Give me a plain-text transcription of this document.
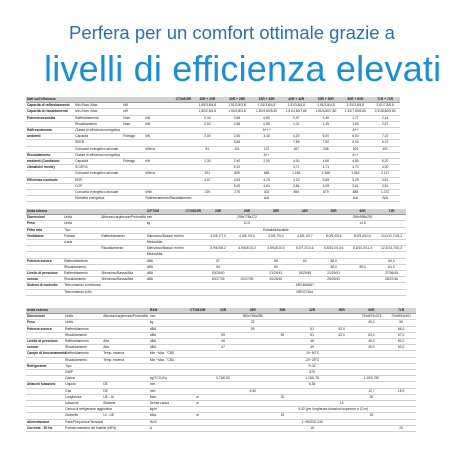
Perfera per un comfort ottimale grazie a
livelli di efficienza elevati
Dati sull'efficienza					CTXM15R	20R + 20R	20R + 25R	33R + 33R	42R + 42R	50R + 50R	60R + 60R	71R + 71R
Capacità di raffreddamento	Min./Nom./Max.	kW				1,89/3,8/4,8	1,91/2,5/3,8	1,91/3,8/4,8	1,91/3,8/4,8	1,91/3,8/4,8	1,91/3,8/4,8	2,61/7,8/8,8
Capacità di riscaldamento	Min./Nom./Max.	kW				1,50/2,8/4,8	1,50/2,8/4,8	1,50/4,80/5,80	1,51/4,80/7,80	1,51/6,80/7,80	1,51/7,80/8,80	2,31/8,80/9,80
Potenza assorbita	Raffreddamento	Nom.	kW			0,44	0,56	0,80	0,97	1,36	1,77	2,14
	Riscaldamento	Nom.	kW			0,50	0,56	0,80	1,01	1,45	1,94	2,57
Raffrescamento	Classe di efficienza energetica							A+++			A++	
ambienti	Capacità	Pdesign	kW			2,00	2,50	3,40	4,20	5,00	6,00	7,10
	SEER						8,65		7,89	7,50	6,93	6,70
	Consumo energetico annuale		kWh/a			81	101	137	187	236	304	401
Riscaldamento	Classe di efficienza energetica							A++			A++	
ambienti (Condizioni	Capacità	Pdesign	kW			2,30	2,40	2,50	4,00	4,60	4,80	6,20
climatiche medie)	SCOP/A						5,10		4,71	4,71	4,70	4,20
	Consumo energetico annuale		kWh/a			631	659	686	1.189	1.368	1.562	2.117
Efficienza nominale	EER					4,57	4,53	4,23	4,23	3,69	3,29	3,51
	COP						5,00	4,84	4,84	4,09	3,61	3,51
	Consumo energetico annuale		kWh			219	278	402	465	679	885	1.072
	Etichetta energetica		Raffrescamento/Riscaldamento					A/A			A/A	B/A
Unità interna			C/FTXM	CTXM15R	20R	25R	35R	42R	50R	60R	71R
Dimensioni	Unità	AltezzaxLarghezzaxProfondità	mm			295x778x272				299x998x292	
Peso	Unità		kg			10,0				14,5	
Filtro aria	Tipo						Estraibile/lavabile				
Ventilatore	Portata	Raffreddamento	Silenzioso/Bassa/ m³/min		4,0/5,7/7,0	4,0/5,7/9,0	4,0/5,7/9,0	4,6/6,1/9,7	8,0/9,4/9,4	8,0/9,4/10,0	10,0/12,7/18,2
	d'aria		Media/Alta								
		Riscaldamento	Silenzioso/Bassa/ m³/min		5,9/6,9/8,2	4,9/6,8/10,0	4,9/6,8/10,0	5,4/7,2/10,6	8,8/10,0/10,6	8,8/10,0/11,4	12,3/14,7/20,3
			Media/Alta								
Potenza sonora	Raffreddamento		dBA		57		58	60	58,0		60,0
	Riscaldamento		dBA		54		60		58,0	59,0	61,0
Livello di pressione	Raffreddamento	Silenzioso/Bassa/Alta	dBA		19/25/40		21/29/41	19/29/45	21/29/41		27/36/45
sonora	Riscaldamento	Silenzioso/Bassa/Alta	dBA		20/27/39	20/27/39	20/28/40		25/29/42		28/37/46
Sistemi di controllo	Telecomando a infrarossi							ARC466A67			
	Telecomando a filo							BRC073A4			
Unità esterna			RXM	CTXM15R	20R	25R	35R	42R	50R	60R	71R
Dimensioni	Unità	AltezzaxLarghezzaxProfondità	mm			550x765x285				734x870x373	734x954x401
Peso	Unità		kg			32				49,0	55
Potenza sonora	Raffreddamento		dBA			59		61	62,0		66,0
	Riscaldamento		dBA		59		59	61	62,0	63,0	67,0
Livello di pressione	Raffreddamento	Alta	dBA		46			48		49,0	52,0
sonora	Riscaldamento	Alta	dBA		47			49		49,0	52,0
Campo di funzionamento	Raffreddamento	Temp. esterna	Min.~Max. °CBS					-10~50°C			
	Riscaldamento	Temp. esterna	Min.~Max. °CBU					-20~25°C			
Refrigerante	Tipo							R-32			
	GWP							675			
	Carica		kg/TCO₂Eq		0,76/0,52			1,15/0,78		1,15/0,780	
Attacchi tubazioni	Liquido	DE	mm					6,35			
	Gas	DE	mm			9,50				12,7	15,9
	Lunghezza	UE - UI	Max.	m			20			30	
	tubazioni	Sistema	Senza carica	m					10		
	Carica di refrigerante aggiuntiva		kg/m					0,02 (per lunghezza tubazioni superiore a 10 m)			
	Dislivello	UI - UE	Max.	m			15			20	
Alimentazione	Fase/Frequenza/Tensione		Hz/V					1~/50/220-240			
Corrente - 50 Hz	Portata massima del fusibile (MFA)		A					16			20
